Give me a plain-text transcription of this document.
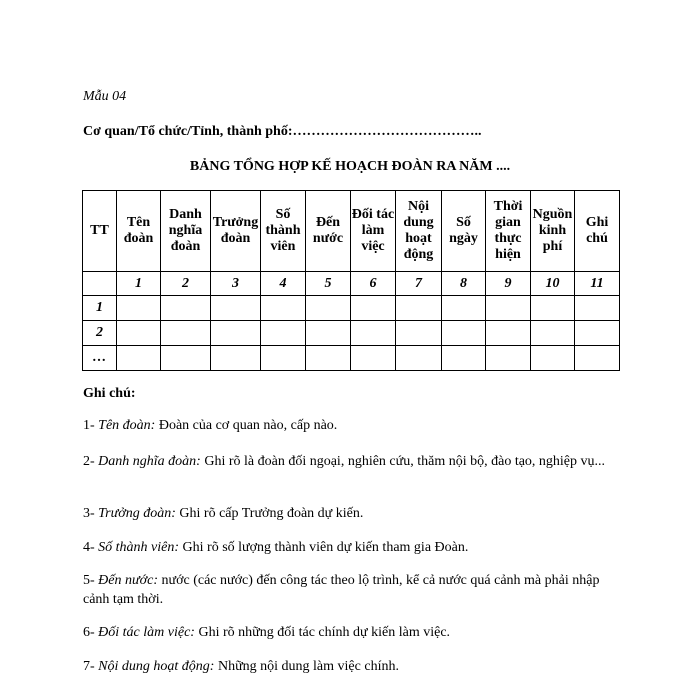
Mẫu 04
Cơ quan/Tổ chức/Tỉnh, thành phố:…………………………………..
BẢNG TỔNG HỢP KẾ HOẠCH ĐOÀN RA NĂM ....
TT	Tên đoàn	Danh nghĩa đoàn	Trưởng đoàn	Số thành viên	Đến nước	Đối tác làm việc	Nội dung hoạt động	Số ngày	Thời gian thực hiện	Nguồn kinh phí	Ghi chú
	1	2	3	4	5	6	7	8	9	10	11
1											
2											
…											
Ghi chú:
1- Tên đoàn: Đoàn của cơ quan nào, cấp nào.
2- Danh nghĩa đoàn: Ghi rõ là đoàn đối ngoại, nghiên cứu, thăm nội bộ, đào tạo, nghiệp vụ...
3- Trưởng đoàn: Ghi rõ cấp Trưởng đoàn dự kiến.
4- Số thành viên: Ghi rõ số lượng thành viên dự kiến tham gia Đoàn.
5- Đến nước: nước (các nước) đến công tác theo lộ trình, kể cả nước quá cảnh mà phải nhập cảnh tạm thời.
6- Đối tác làm việc: Ghi rõ những đối tác chính dự kiến làm việc.
7- Nội dung hoạt động: Những nội dung làm việc chính.
